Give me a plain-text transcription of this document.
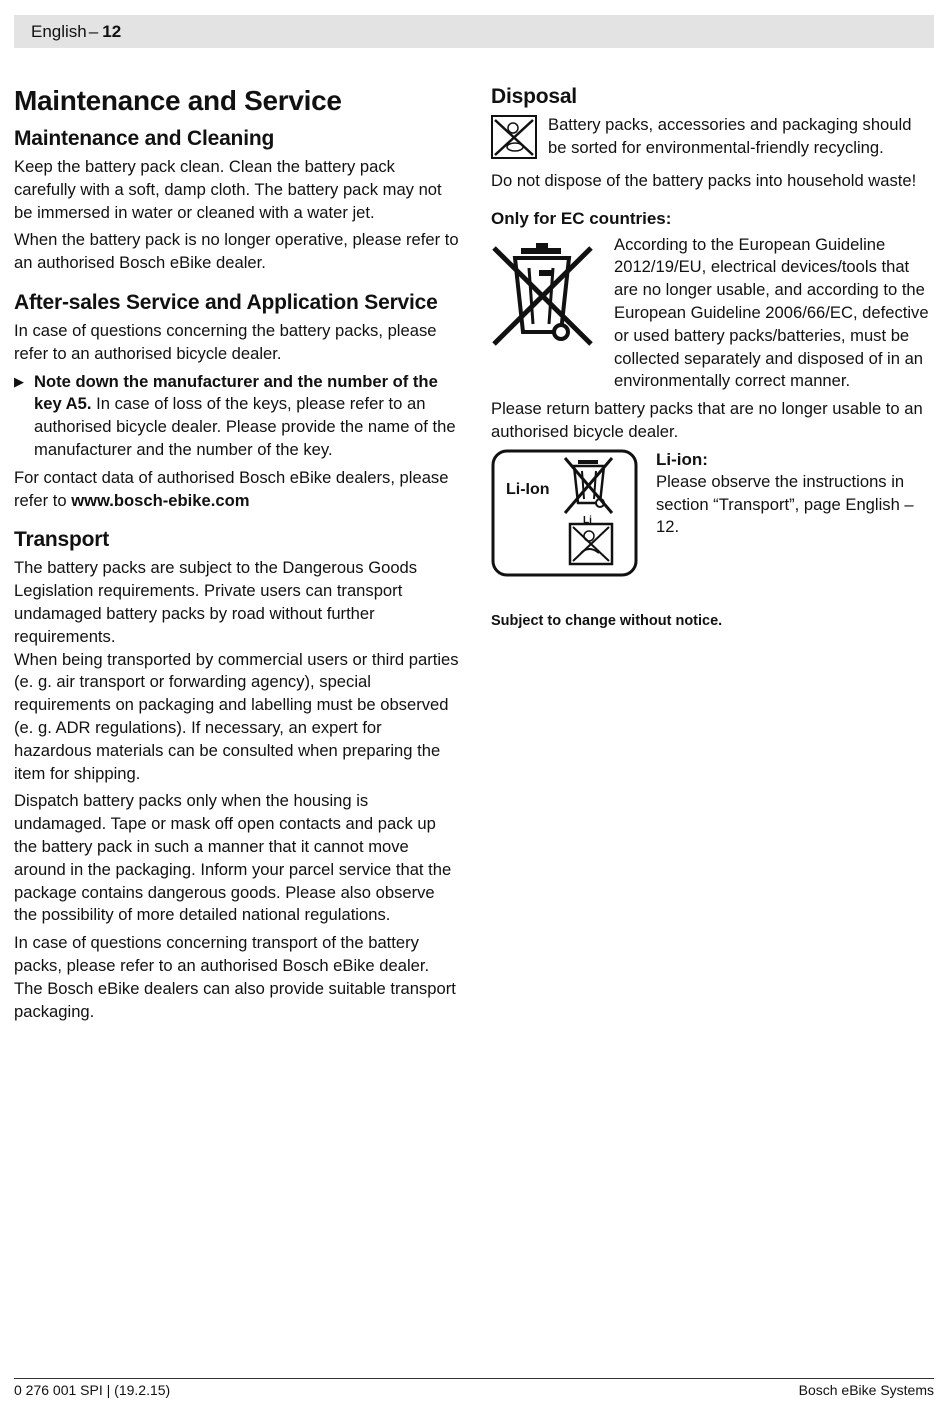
English – 12
Maintenance and Service
Maintenance and Cleaning

Keep the battery pack clean. Clean the battery pack carefully with a soft, damp cloth. The battery pack may not be immersed in water or cleaned with a water jet.

When the battery pack is no longer operative, please refer to an authorised Bosch eBike dealer.

After-sales Service and Application Service

In case of questions concerning the battery packs, please refer to an authorised bicycle dealer.

▶ Note down the manufacturer and the number of the key A5. In case of loss of the keys, please refer to an authorised bicycle dealer. Please provide the name of the manufacturer and the number of the key.

For contact data of authorised Bosch eBike dealers, please refer to www.bosch-ebike.com

Transport

The battery packs are subject to the Dangerous Goods Legislation requirements. Private users can transport undamaged battery packs by road without further requirements.

When being transported by commercial users or third parties (e. g. air transport or forwarding agency), special requirements on packaging and labelling must be observed (e. g. ADR regulations). If necessary, an expert for hazardous materials can be consulted when preparing the item for shipping.

Dispatch battery packs only when the housing is undamaged. Tape or mask off open contacts and pack up the battery pack in such a manner that it cannot move around in the packaging. Inform your parcel service that the package contains dangerous goods. Please also observe the possibility of more detailed national regulations.

In case of questions concerning transport of the battery packs, please refer to an authorised Bosch eBike dealer. The Bosch eBike dealers can also provide suitable transport packaging.

Disposal

Battery packs, accessories and packaging should be sorted for environmental-friendly recycling.

Do not dispose of the battery packs into household waste!

Only for EC countries:

According to the European Guideline 2012/19/EU, electrical devices/tools that are no longer usable, and according to the European Guideline 2006/66/EC, defective or used battery packs/batteries, must be collected separately and disposed of in an environmentally correct manner.

Please return battery packs that are no longer usable to an authorised bicycle dealer.

Li-Ion
Li
Li-ion:

Please observe the instructions in section “Transport”, page English – 12.

Subject to change without notice.

0 276 001 SPI | (19.2.15)	Bosch eBike Systems
